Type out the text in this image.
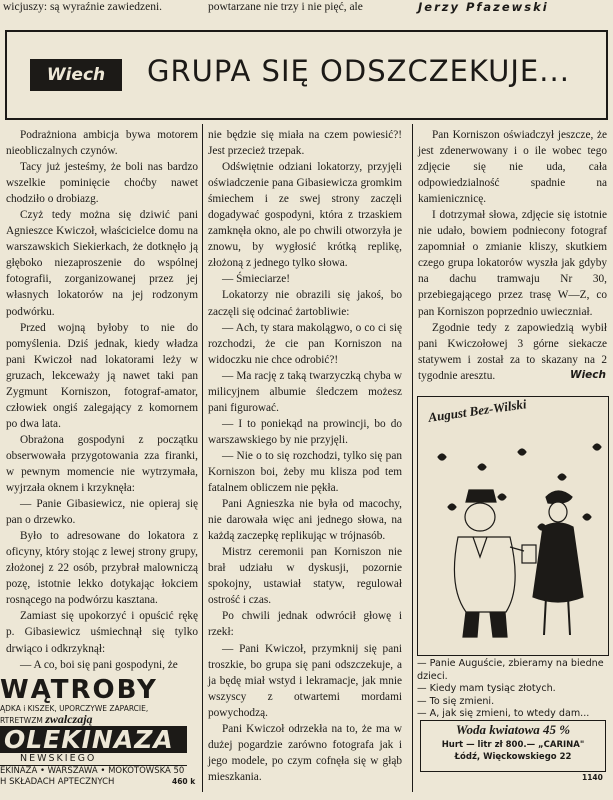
wicjuszy: są wyraźnie zawiedzeni.	powtarzane nie trzy i nie pięć, ale	Jerzy Pfazewski
Wiech	GRUPA SIĘ ODSZCZEKUJE...

Podrażniona ambicja bywa motorem nieobliczalnych czynów.

Tacy już jesteśmy, że boli nas bardzo wszelkie pominięcie choćby nawet chodziło o drobiazg.

Czyż tedy można się dziwić pani Agnieszce Kwiczoł, właścicielce domu na warszawskich Siekierkach, że dotknęło ją głęboko niezaproszenie do wspólnej fotografii, zorganizowanej przez jej własnych lokatorów na jej rodzonym podwórku.

Przed wojną byłoby to nie do pomyślenia. Dziś jednak, kiedy władza pani Kwiczoł nad lokatorami leży w gruzach, lekceważy ją nawet taki pan Zygmunt Korniszon, fotograf-amator, człowiek ongiś zalegający z komornem po dwa lata.

Obrażona gospodyni z początku obserwowała przygotowania zza firanki, w pewnym momencie nie wytrzymała, wyjrzała oknem i krzyknęła:

— Panie Gibasiewicz, nie opieraj się pan o drzewko.

Było to adresowane do lokatora z oficyny, który stojąc z lewej strony grupy, złożonej z 22 osób, przybrał malowniczą pozę, istotnie lekko dotykając łokciem rosnącego na podwórzu kasztana.

Zamiast się upokorzyć i opuścić rękę p. Gibasiewicz uśmiechnął się tylko drwiąco i odkrzyknął:

— A co, boi się pani gospodyni, że

WĄTROBY
ĄDKA i KISZEK, UPORCZYWE ZAPARCIE,
RTRETWZM zwalczają
OLEKINAZA
NEWSKIEGO
EKINAZA • WARSZAWA • MOKOTOWSKA 50
H SKŁADACH APTECZNYCH	460 k

nie będzie się miała na czem powiesić?! Jest przecież trzepak.

Odświętnie odziani lokatorzy, przyjęli oświadczenie pana Gibasiewicza gromkim śmiechem i ze swej strony zaczęli dogadywać gospodyni, która z trzaskiem zamknęła okno, ale po chwili otworzyła je znowu, by wygłosić krótką replikę, złożoną z jednego tylko słowa.

— Śmieciarze!

Lokatorzy nie obrazili się jakoś, bo zaczęli się odcinać żartobliwie:

— Ach, ty stara makolągwo, o co ci się rozchodzi, że cie pan Korniszon na widoczku nie chce odrobić?!

— Ma rację z taką twarzyczką chyba w milicyjnem albumie śledczem możesz pani figurować.

— I to poniekąd na prowincji, bo do warszawskiego by nie przyjęli.

— Nie o to się rozchodzi, tylko się pan Korniszon boi, żeby mu klisza pod tem fatalnem obliczem nie pękła.

Pani Agnieszka nie była od macochy, nie darowała więc ani jednego słowa, na każdą zaczepkę replikując w trójnasób.

Mistrz ceremonii pan Korniszon nie brał udziału w dyskusji, pozornie spokojny, ustawiał statyw, regulował ostrość i czas.

Po chwili jednak odwrócił głowę i rzekł:

— Pani Kwiczoł, przymknij się pani troszkie, bo grupa się pani odszczekuje, a ja będę miał wstyd i lekramacje, jak mnie wszyscy z otwartemi mordami powychodzą.

Pani Kwiczoł odrzekła na to, że ma w dużej pogardzie zarówno fotografa jak i jego modele, po czym cofnęła się w głąb mieszkania.

Pan Korniszon oświadczył jeszcze, że jest zdenerwowany i o ile wobec tego zdjęcie się nie uda, cała odpowiedzialność spadnie na kamienicznicę.

I dotrzymał słowa, zdjęcie się istotnie nie udało, bowiem podniecony fotograf zapomniał o zmianie kliszy, skutkiem czego grupa lokatorów wyszła jak gdyby na dachu tramwaju Nr 30, przebiegającego przez trasę W—Z, co pan Korniszon poprzednio uwieczniał.

Zgodnie tedy z zapowiedzią wybił pani Kwiczołowej 3 górne siekacze statywem i został za to skazany na 2 tygodnie aresztu.	Wiech
August Bez-Wilski
— Panie Auguście, zbieramy na biedne dzieci.
— Kiedy mam tysiąc złotych.
— To się zmieni.
— A, jak się zmieni, to wtedy dam...
Woda kwiatowa 45 %
Hurt — litr zł 800.— „CARINA"
Łódź, Więckowskiego 22
1140
